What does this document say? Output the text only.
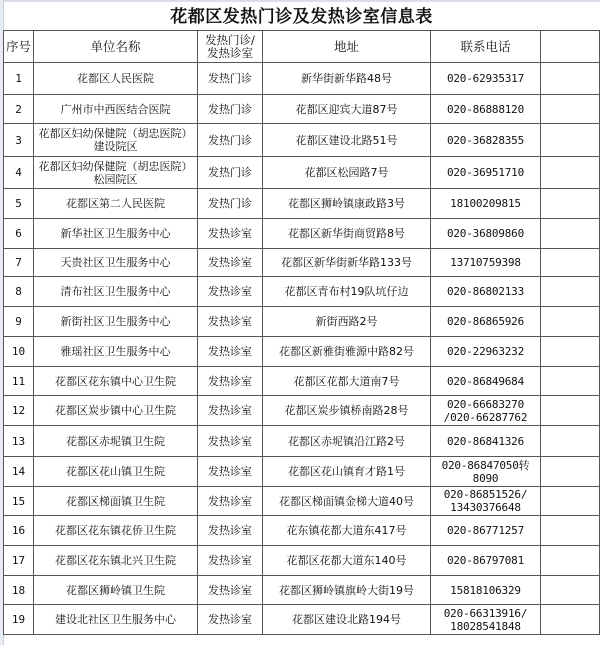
花都区发热门诊及发热诊室信息表
序号	单位名称	发热门诊/发热诊室	地址	联系电话	
1	花都区人民医院	发热门诊	新华街新华路48号	020-62935317	
2	广州市中西医结合医院	发热门诊	花都区迎宾大道87号	020-86888120	
3	花都区妇幼保健院（胡忠医院）建设院区	发热门诊	花都区建设北路51号	020-36828355	
4	花都区妇幼保健院（胡忠医院）松园院区	发热门诊	花都区松园路7号	020-36951710	
5	花都区第二人民医院	发热门诊	花都区狮岭镇康政路3号	18100209815	
6	新华社区卫生服务中心	发热诊室	花都区新华街商贸路8号	020-36809860	
7	天贵社区卫生服务中心	发热诊室	花都区新华街新华路133号	13710759398	
8	清布社区卫生服务中心	发热诊室	花都区青布村19队坑仔边	020-86802133	
9	新街社区卫生服务中心	发热诊室	新街西路2号	020-86865926	
10	雅瑶社区卫生服务中心	发热诊室	花都区新雅街雅源中路82号	020-22963232	
11	花都区花东镇中心卫生院	发热诊室	花都区花都大道南7号	020-86849684	
12	花都区炭步镇中心卫生院	发热诊室	花都区炭步镇桥南路28号	020-66683270 /020-66287762	
13	花都区赤坭镇卫生院	发热诊室	花都区赤坭镇沿江路2号	020-86841326	
14	花都区花山镇卫生院	发热诊室	花都区花山镇育才路1号	020-86847050转8090	
15	花都区梯面镇卫生院	发热诊室	花都区梯面镇金梯大道40号	020-86851526/ 13430376648	
16	花都区花东镇花侨卫生院	发热诊室	花东镇花都大道东417号	020-86771257	
17	花都区花东镇北兴卫生院	发热诊室	花都区花都大道东140号	020-86797081	
18	花都区狮岭镇卫生院	发热诊室	花都区狮岭镇旗岭大街19号	15818106329	
19	建设北社区卫生服务中心	发热诊室	花都区建设北路194号	020-66313916/ 18028541848	
